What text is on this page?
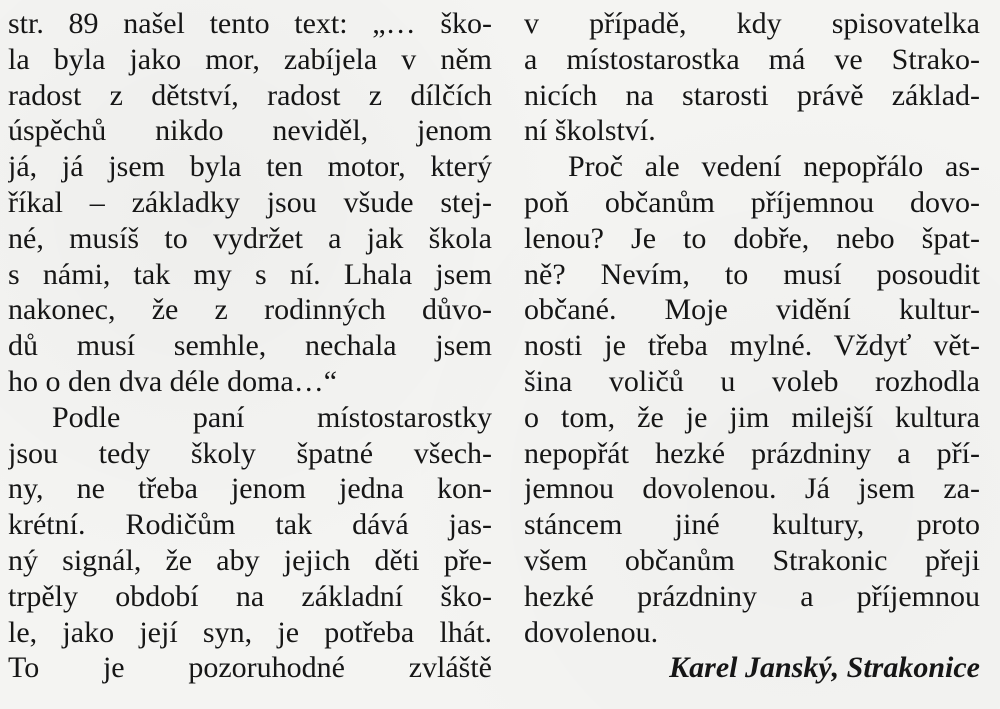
str. 89 našel tento text: „… ško-
la byla jako mor, zabíjela v něm
radost z dětství, radost z dílčích
úspěchů nikdo neviděl, jenom
já, já jsem byla ten motor, který
říkal – základky jsou všude stej-
né, musíš to vydržet a jak škola
s námi, tak my s ní. Lhala jsem
nakonec, že z rodinných důvo-
dů musí semhle, nechala jsem
ho o den dva déle doma…“
Podle paní místostarostky
jsou tedy školy špatné všech-
ny, ne třeba jenom jedna kon-
krétní. Rodičům tak dává jas-
ný signál, že aby jejich děti pře-
trpěly období na základní ško-
le, jako její syn, je potřeba lhát.
To je pozoruhodné zvláště
v případě, kdy spisovatelka
a místostarostka má ve Strako-
nicích na starosti právě základ-
ní školství.
Proč ale vedení nepopřálo as-
poň občanům příjemnou dovo-
lenou? Je to dobře, nebo špat-
ně? Nevím, to musí posoudit
občané. Moje vidění kultur-
nosti je třeba mylné. Vždyť vět-
šina voličů u voleb rozhodla
o tom, že je jim milejší kultura
nepopřát hezké prázdniny a pří-
jemnou dovolenou. Já jsem za-
stáncem jiné kultury, proto
všem občanům Strakonic přeji
hezké prázdniny a příjemnou
dovolenou.
Karel Janský, Strakonice
